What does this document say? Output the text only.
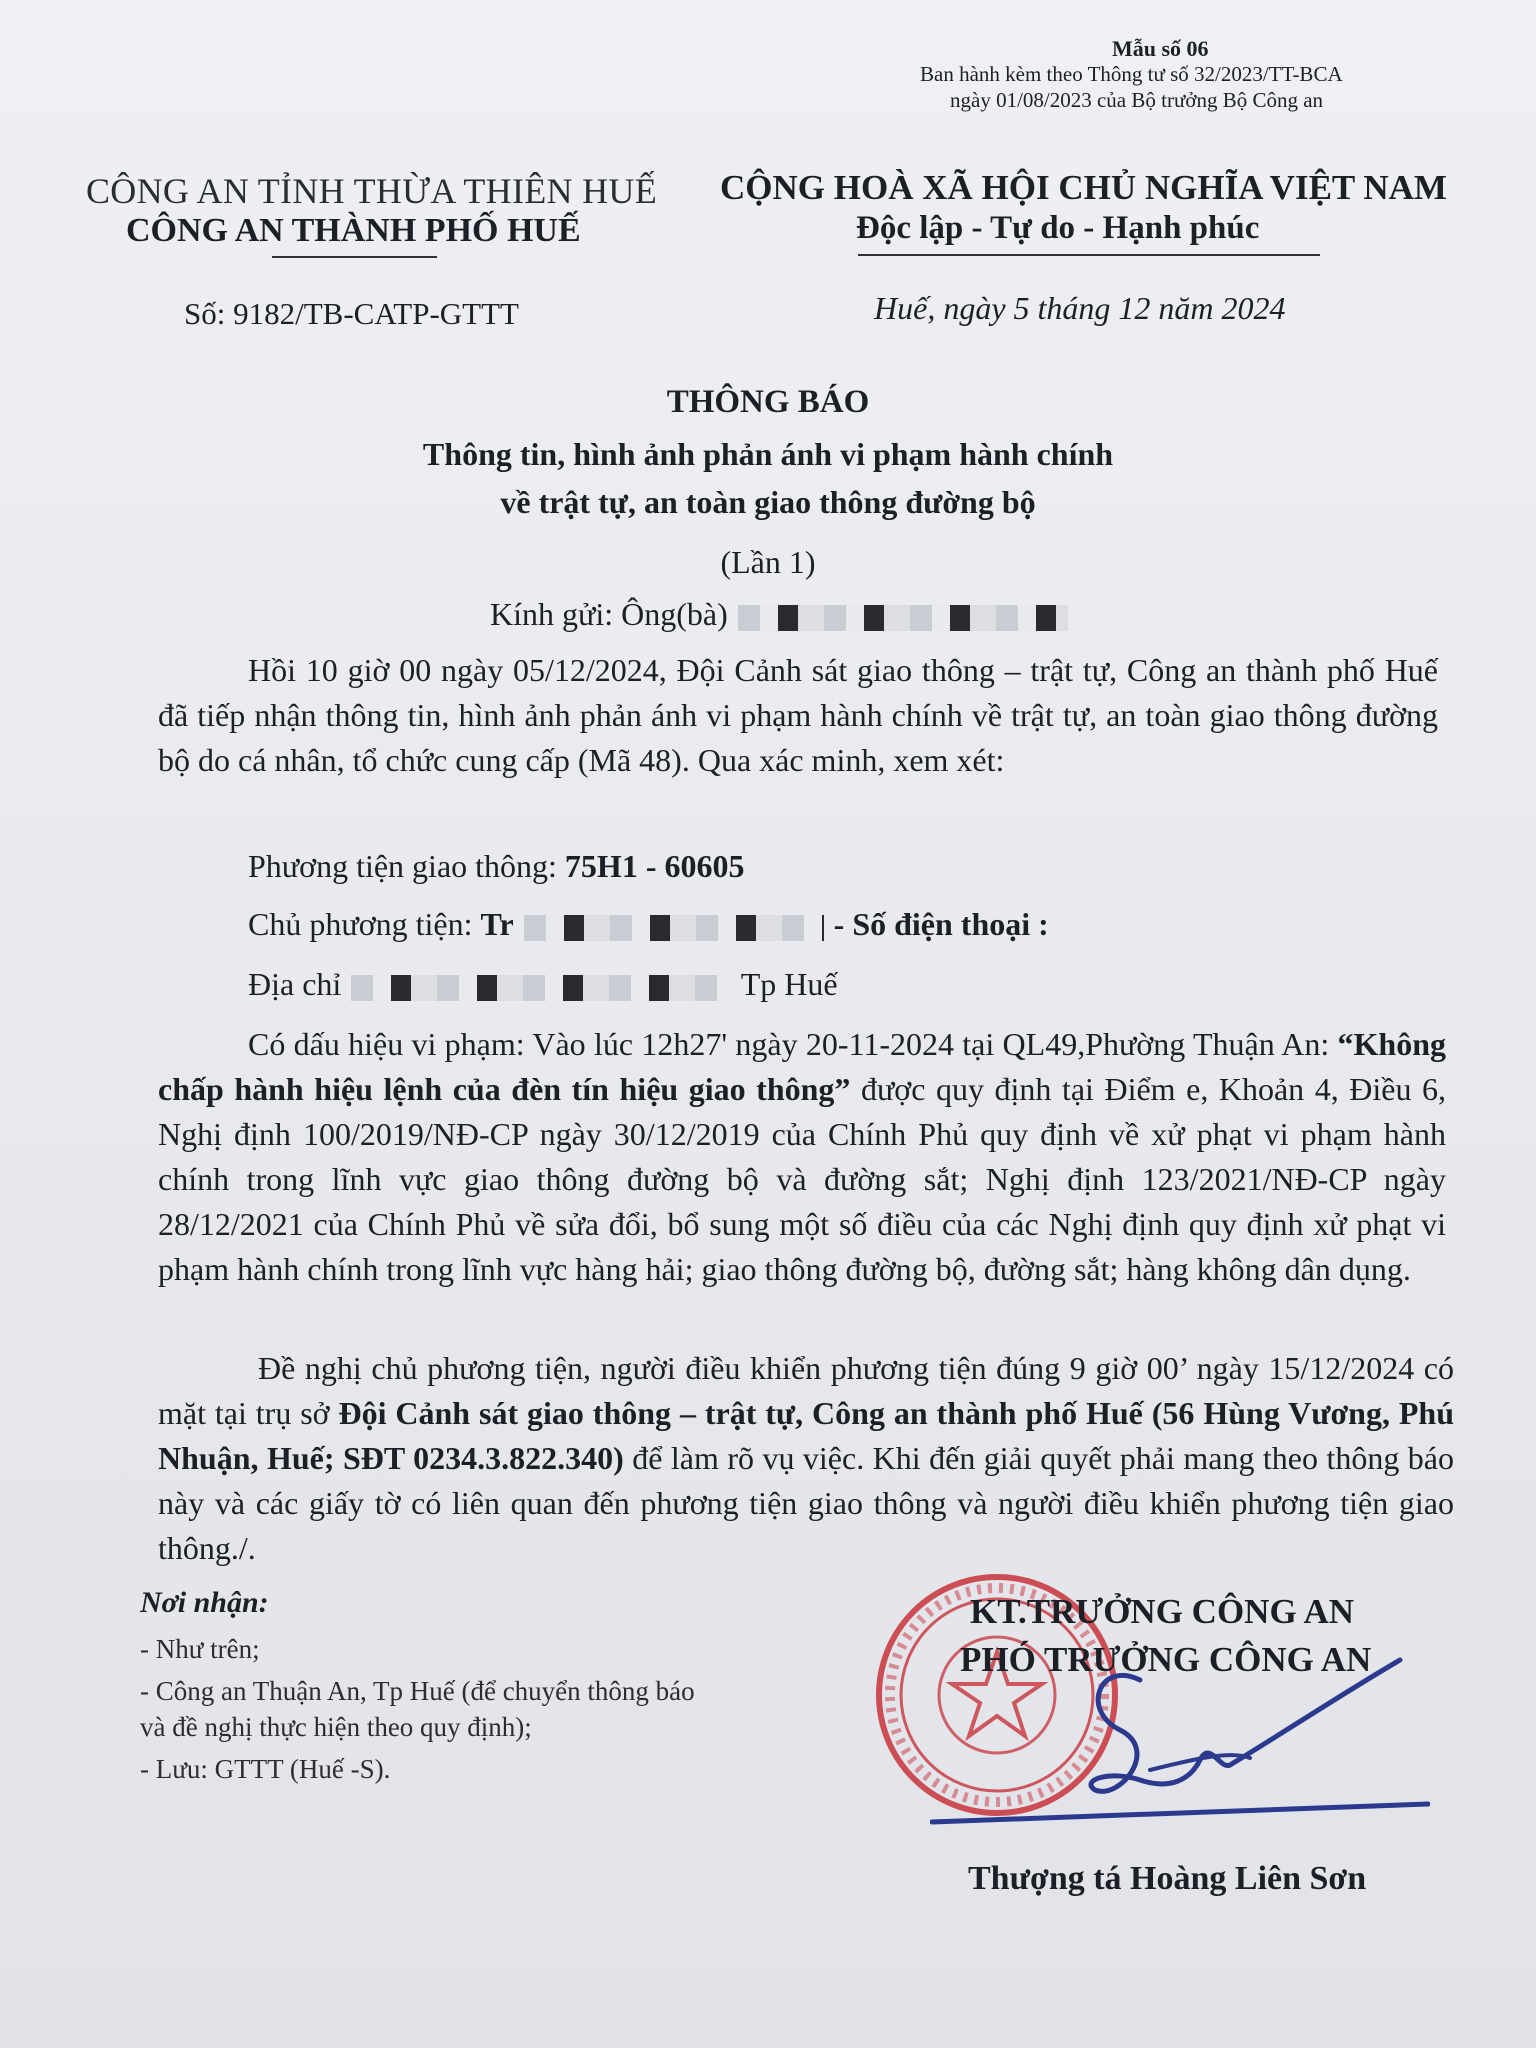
Mẫu số 06
Ban hành kèm theo Thông tư số 32/2023/TT-BCA
ngày 01/08/2023 của Bộ trưởng Bộ Công an
CÔNG AN TỈNH THỪA THIÊN HUẾ
CÔNG AN THÀNH PHỐ HUẾ
CỘNG HOÀ XÃ HỘI CHỦ NGHĨA VIỆT NAM
Độc lập - Tự do - Hạnh phúc
Số: 9182/TB-CATP-GTTT	Huế, ngày 5 tháng 12 năm 2024
THÔNG BÁO
Thông tin, hình ảnh phản ánh vi phạm hành chính
về trật tự, an toàn giao thông đường bộ
(Lần 1)
Kính gửi: Ông(bà)
Hồi 10 giờ 00 ngày 05/12/2024, Đội Cảnh sát giao thông – trật tự, Công an thành phố Huế đã tiếp nhận thông tin, hình ảnh phản ánh vi phạm hành chính về trật tự, an toàn giao thông đường bộ do cá nhân, tổ chức cung cấp (Mã 48). Qua xác minh, xem xét:
Phương tiện giao thông: 75H1 - 60605
Chủ phương tiện: Tr	- Số điện thoại :
Địa chỉ	Tp Huế
Có dấu hiệu vi phạm: Vào lúc 12h27' ngày 20-11-2024 tại QL49,Phường Thuận An: “Không chấp hành hiệu lệnh của đèn tín hiệu giao thông” được quy định tại Điểm e, Khoản 4, Điều 6, Nghị định 100/2019/NĐ-CP ngày 30/12/2019 của Chính Phủ quy định về xử phạt vi phạm hành chính trong lĩnh vực giao thông đường bộ và đường sắt; Nghị định 123/2021/NĐ-CP ngày 28/12/2021 của Chính Phủ về sửa đổi, bổ sung một số điều của các Nghị định quy định xử phạt vi phạm hành chính trong lĩnh vực hàng hải; giao thông đường bộ, đường sắt; hàng không dân dụng.
Đề nghị chủ phương tiện, người điều khiển phương tiện đúng 9 giờ 00’ ngày 15/12/2024 có mặt tại trụ sở Đội Cảnh sát giao thông – trật tự, Công an thành phố Huế (56 Hùng Vương, Phú Nhuận, Huế; SĐT 0234.3.822.340) để làm rõ vụ việc. Khi đến giải quyết phải mang theo thông báo này và các giấy tờ có liên quan đến phương tiện giao thông và người điều khiển phương tiện giao thông./.
Nơi nhận:
- Như trên;
- Công an Thuận An, Tp Huế (để chuyển thông báo
và đề nghị thực hiện theo quy định);
- Lưu: GTTT (Huế -S).
KT.TRƯỞNG CÔNG AN
PHÓ TRƯỞNG CÔNG AN
Thượng tá Hoàng Liên Sơn
